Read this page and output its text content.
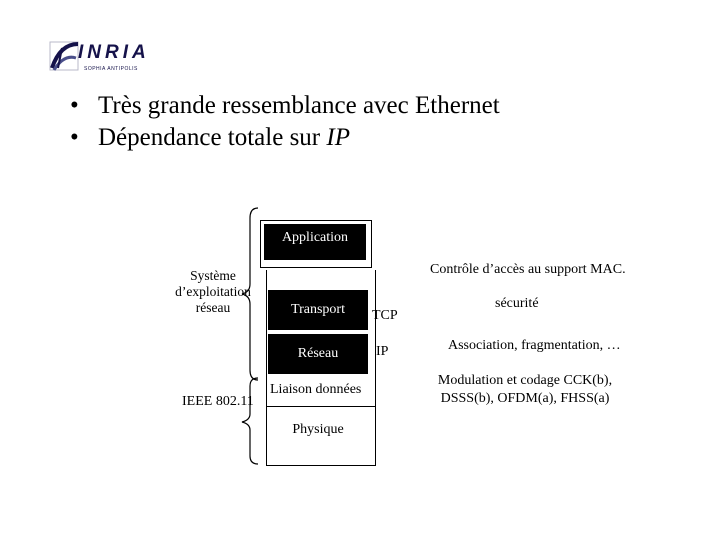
INRIA
SOPHIA ANTIPOLIS
• Très grande ressemblance avec Ethernet
• Dépendance totale sur IP
Application
Transport
Réseau
Liaison données
Physique
Système
d’exploitation
réseau
IEEE 802.11
TCP
IP
Contrôle d’accès au support MAC.
sécurité
Association, fragmentation, …
Modulation et codage CCK(b),
DSSS(b), OFDM(a), FHSS(a)
